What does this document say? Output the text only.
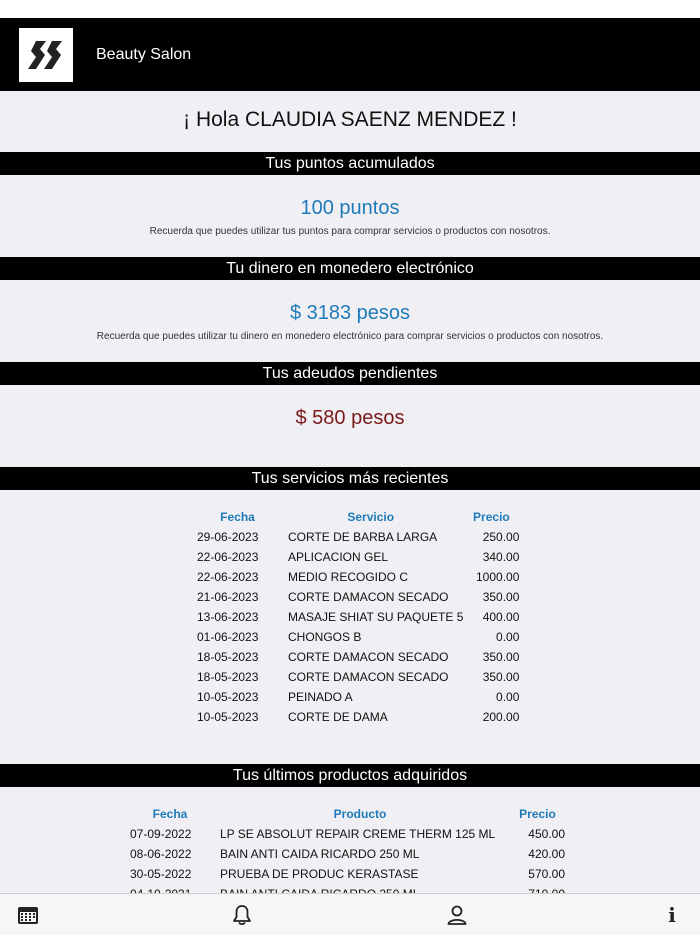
Beauty Salon
¡ Hola CLAUDIA SAENZ MENDEZ !
Tus puntos acumulados
100 puntos
Recuerda que puedes utilizar tus puntos para comprar servicios o productos con nosotros.
Tu dinero en monedero electrónico
$ 3183 pesos
Recuerda que puedes utilizar tu dinero en monedero electrónico para comprar servicios o productos con nosotros.
Tus adeudos pendientes
$ 580 pesos
Tus servicios más recientes
Fecha	Servicio	Precio
29-06-2023	CORTE DE BARBA LARGA	250.00
22-06-2023	APLICACION GEL	340.00
22-06-2023	MEDIO RECOGIDO C	1000.00
21-06-2023	CORTE DAMACON SECADO	350.00
13-06-2023	MASAJE SHIAT SU PAQUETE 5	400.00
01-06-2023	CHONGOS B	0.00
18-05-2023	CORTE DAMACON SECADO	350.00
18-05-2023	CORTE DAMACON SECADO	350.00
10-05-2023	PEINADO A	0.00
10-05-2023	CORTE DE DAMA	200.00
Tus últimos productos adquiridos
Fecha	Producto	Precio
07-09-2022	LP SE ABSOLUT REPAIR CREME THERM 125 ML	450.00
08-06-2022	BAIN ANTI CAIDA RICARDO 250 ML	420.00
30-05-2022	PRUEBA DE PRODUC KERASTASE	570.00

i
